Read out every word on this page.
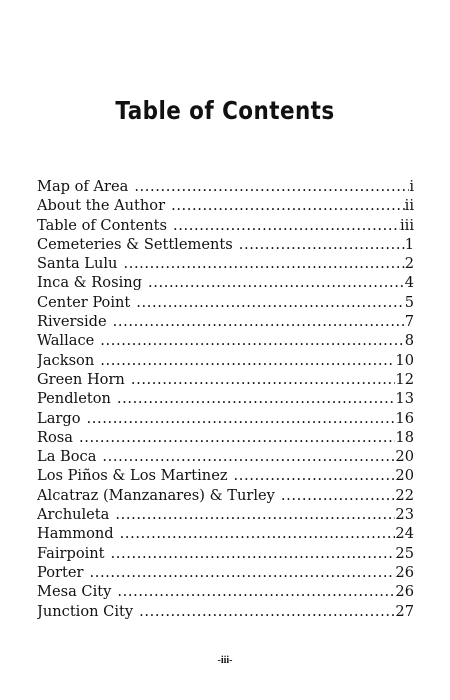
Table of Contents
Map of Area .....	i
About the Author .....	ii
Table of Contents .....	iii
Cemeteries & Settlements .....	1
Santa Lulu .....	2
Inca & Rosing .....	4
Center Point .....	5
Riverside .....	7
Wallace .....	8
Jackson .....	10
Green Horn .....	12
Pendleton .....	13
Largo .....	16
Rosa .....	18
La Boca .....	20
Los Piños & Los Martinez .....	20
Alcatraz (Manzanares) & Turley .....	22
Archuleta .....	23
Hammond .....	24
Fairpoint .....	25
Porter .....	26
Mesa City .....	26
Junction City .....	27
-iii-
